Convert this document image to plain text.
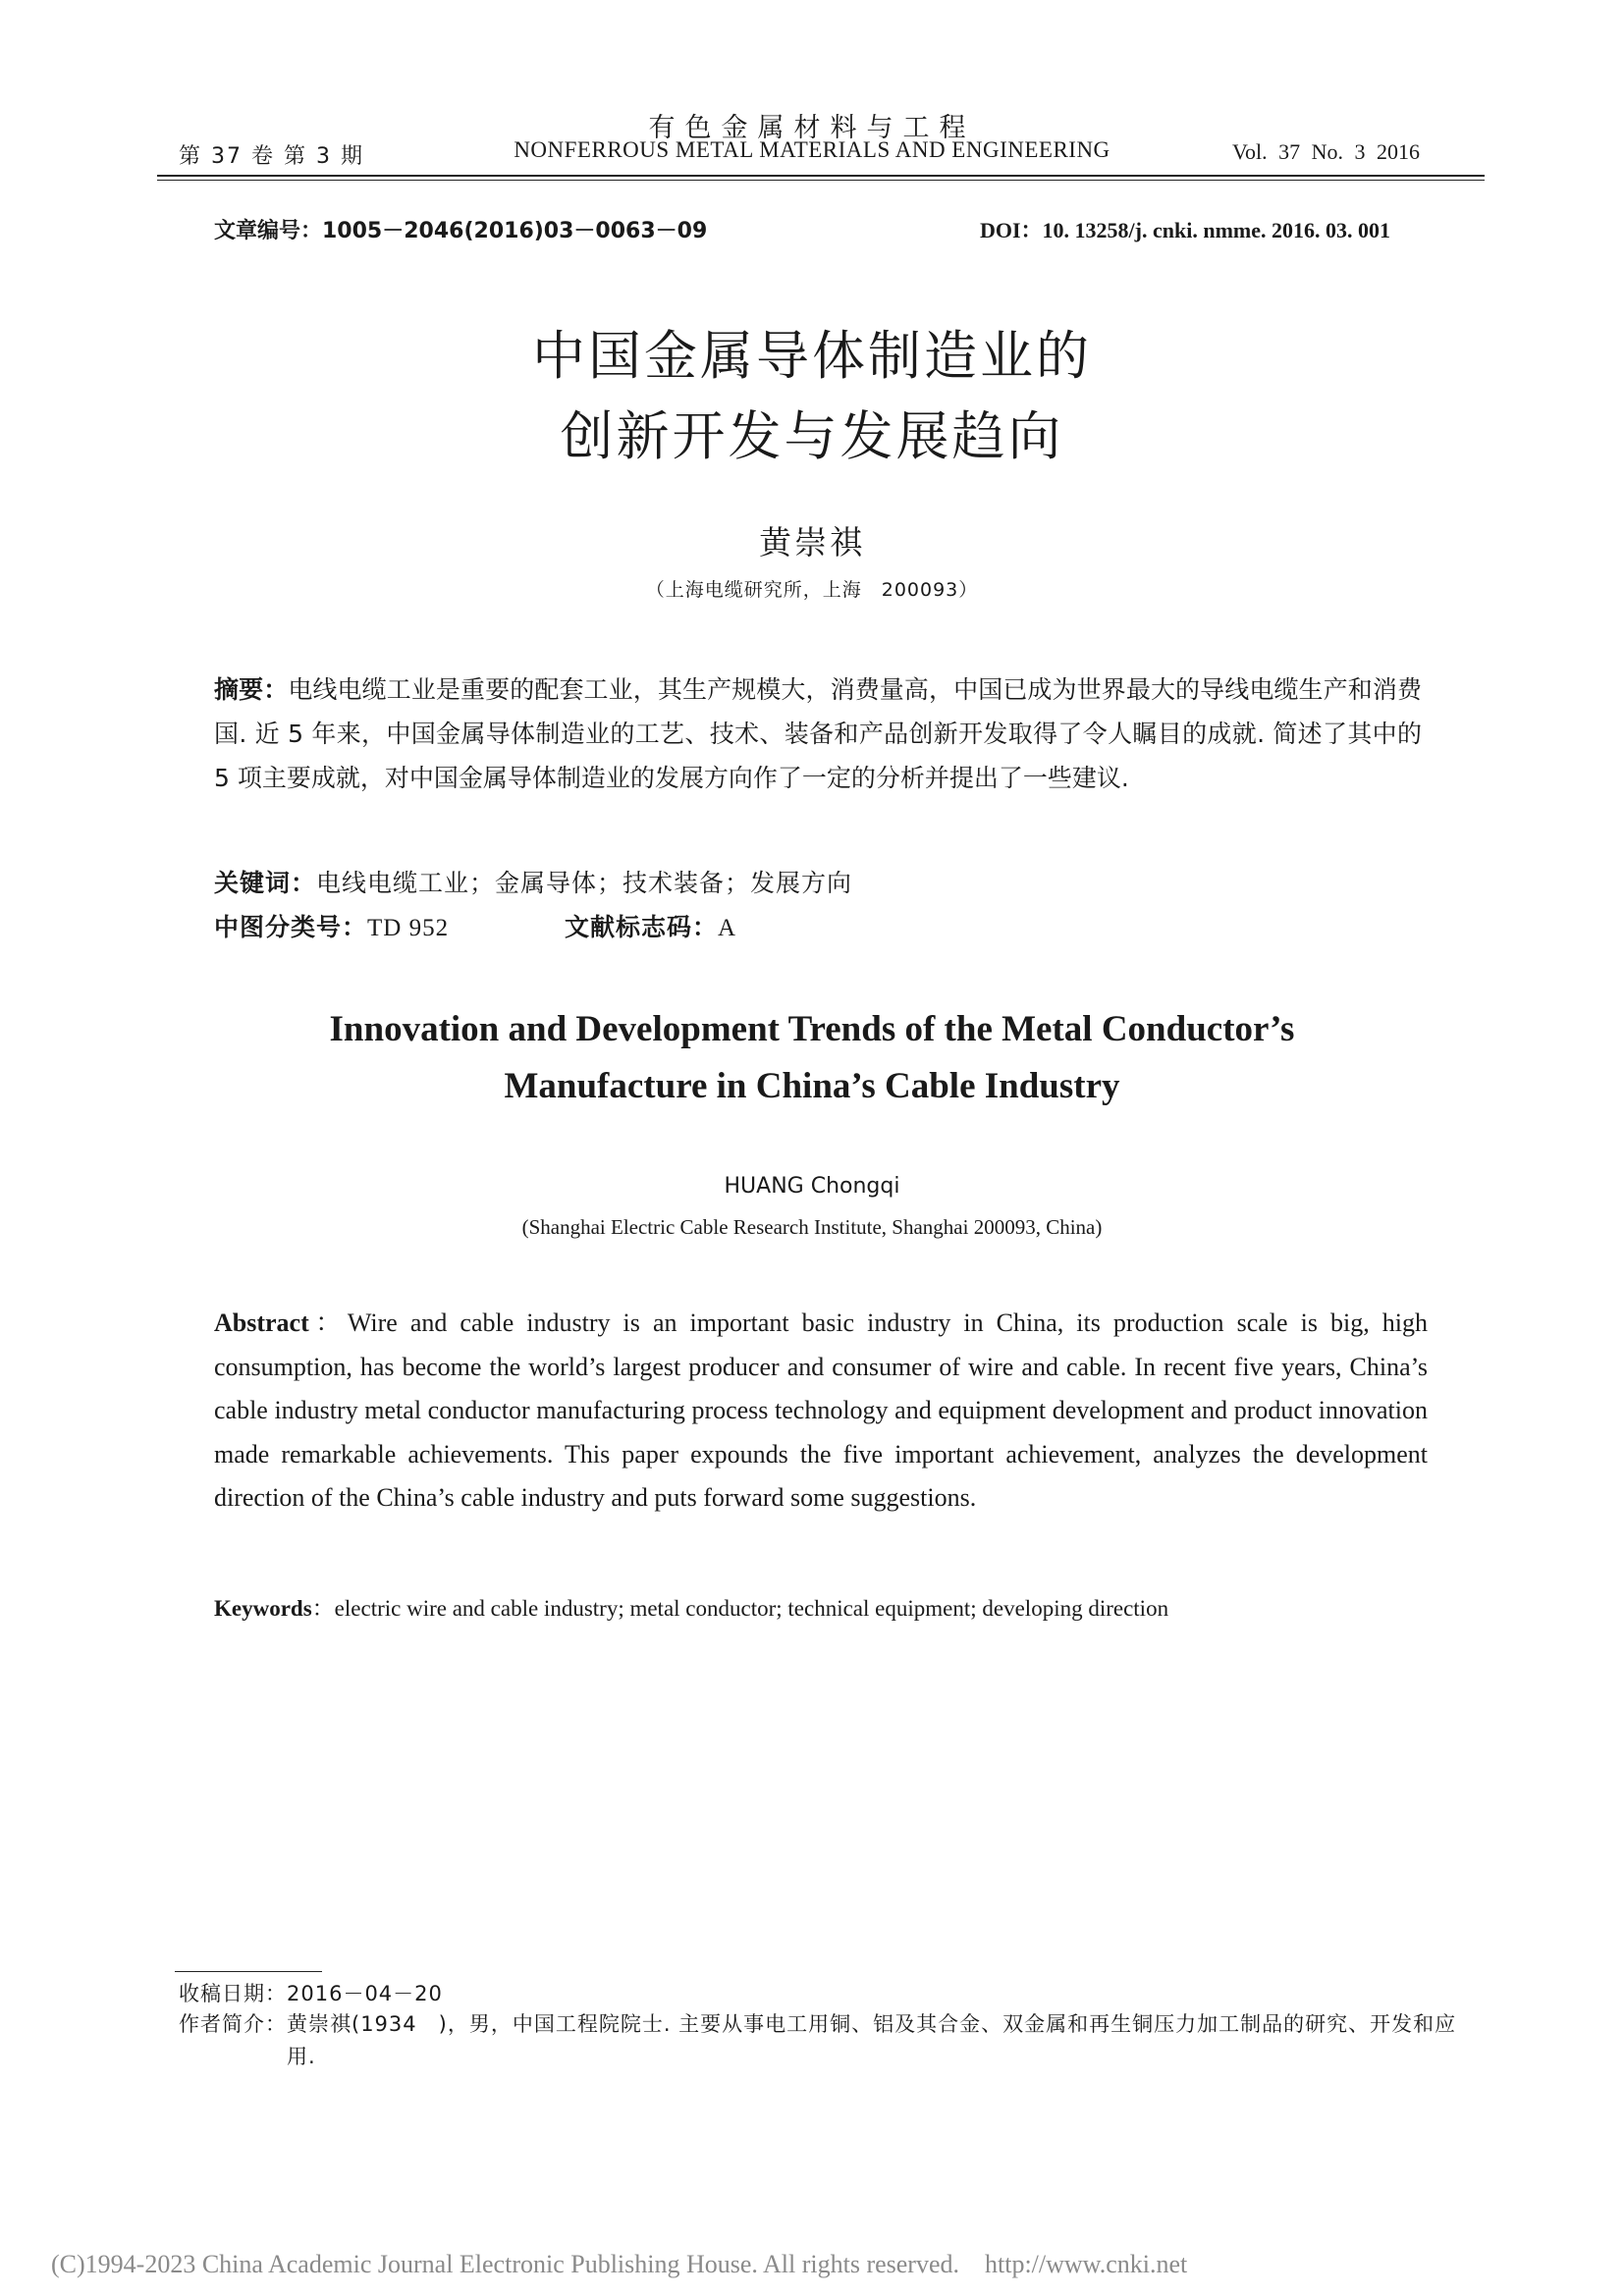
有色金属材料与工程
第 37 卷 第 3 期	NONFERROUS METAL MATERIALS AND ENGINEERING	Vol. 37 No. 3 2016
文章编号：1005－2046(2016)03－0063－09	DOI：10. 13258/j. cnki. nmme. 2016. 03. 001
中国金属导体制造业的
创新开发与发展趋向
黄崇祺
（上海电缆研究所，上海　200093）
摘要：电线电缆工业是重要的配套工业，其生产规模大，消费量高，中国已成为世界最大的导线电缆生产和消费国. 近 5 年来，中国金属导体制造业的工艺、技术、装备和产品创新开发取得了令人瞩目的成就. 简述了其中的 5 项主要成就，对中国金属导体制造业的发展方向作了一定的分析并提出了一些建议.
关键词：电线电缆工业；金属导体；技术装备；发展方向
中图分类号：TD 952	文献标志码：A
Innovation and Development Trends of the Metal Conductor’s
Manufacture in China’s Cable Industry
HUANG Chongqi
(Shanghai Electric Cable Research Institute, Shanghai 200093, China)
Abstract：Wire and cable industry is an important basic industry in China, its production scale is big, high consumption, has become the world’s largest producer and consumer of wire and cable. In recent five years, China’s cable industry metal conductor manufacturing process technology and equipment development and product innovation made remarkable achievements. This paper expounds the five important achievement, analyzes the development direction of the China’s cable industry and puts forward some suggestions.
Keywords：electric wire and cable industry; metal conductor; technical equipment; developing direction
收稿日期：2016－04－20
作者简介：黄崇祺(1934　)，男，中国工程院院士. 主要从事电工用铜、铝及其合金、双金属和再生铜压力加工制品的研究、开发和应用.
(C)1994-2023 China Academic Journal Electronic Publishing House. All rights reserved.　http://www.cnki.net
